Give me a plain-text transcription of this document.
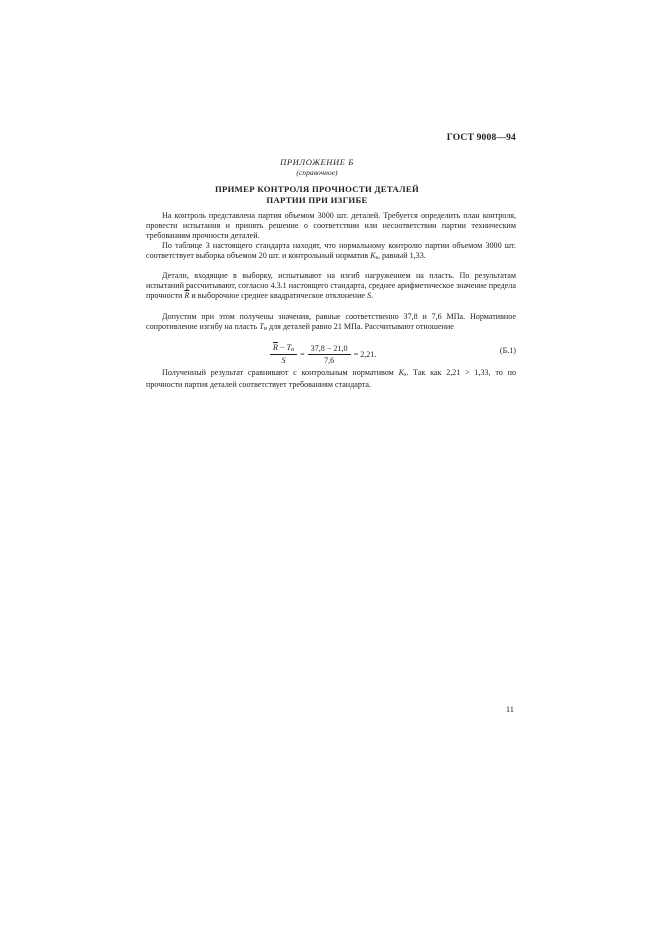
ГОСТ 9008—94
ПРИЛОЖЕНИЕ Б
(справочное)
ПРИМЕР КОНТРОЛЯ ПРОЧНОСТИ ДЕТАЛЕЙ
ПАРТИИ ПРИ ИЗГИБЕ

На контроль представлена партия объемом 3000 шт. деталей. Требуется определить план контроля, провести испытания и принять решение о соответствии или несоответствии партии техническим требованиям прочности деталей.

По таблице 3 настоящего стандарта находят, что нормальному контролю партии объемом 3000 шт. соответствует выборка объемом 20 шт. и контрольный норматив $K_s$, равный 1,33.

Детали, входящие в выборку, испытывают на изгиб нагружением на пласть. По результатам испытаний рассчитывают, согласно 4.3.1 настоящего стандарта, среднее арифметическое значение предела прочности $\overline{R}$ и выборочное среднее квадратическое отклонение S.

Допустим при этом получены значения, равные соответственно 37,8 и 7,6 МПа. Нормативное сопротивление изгибу на пласть $T_н$ для деталей равно 21 МПа. Рассчитывают отношение

$\frac{\overline{R} - T_н}{S} = \frac{37,8 - 21,0}{7,6} = 2,21$.	(Б.1)

Полученный результат сравнивают с контрольным нормативом $K_s$. Так как 2,21 > 1,33, то по прочности партия деталей соответствует требованиям стандарта.

11
